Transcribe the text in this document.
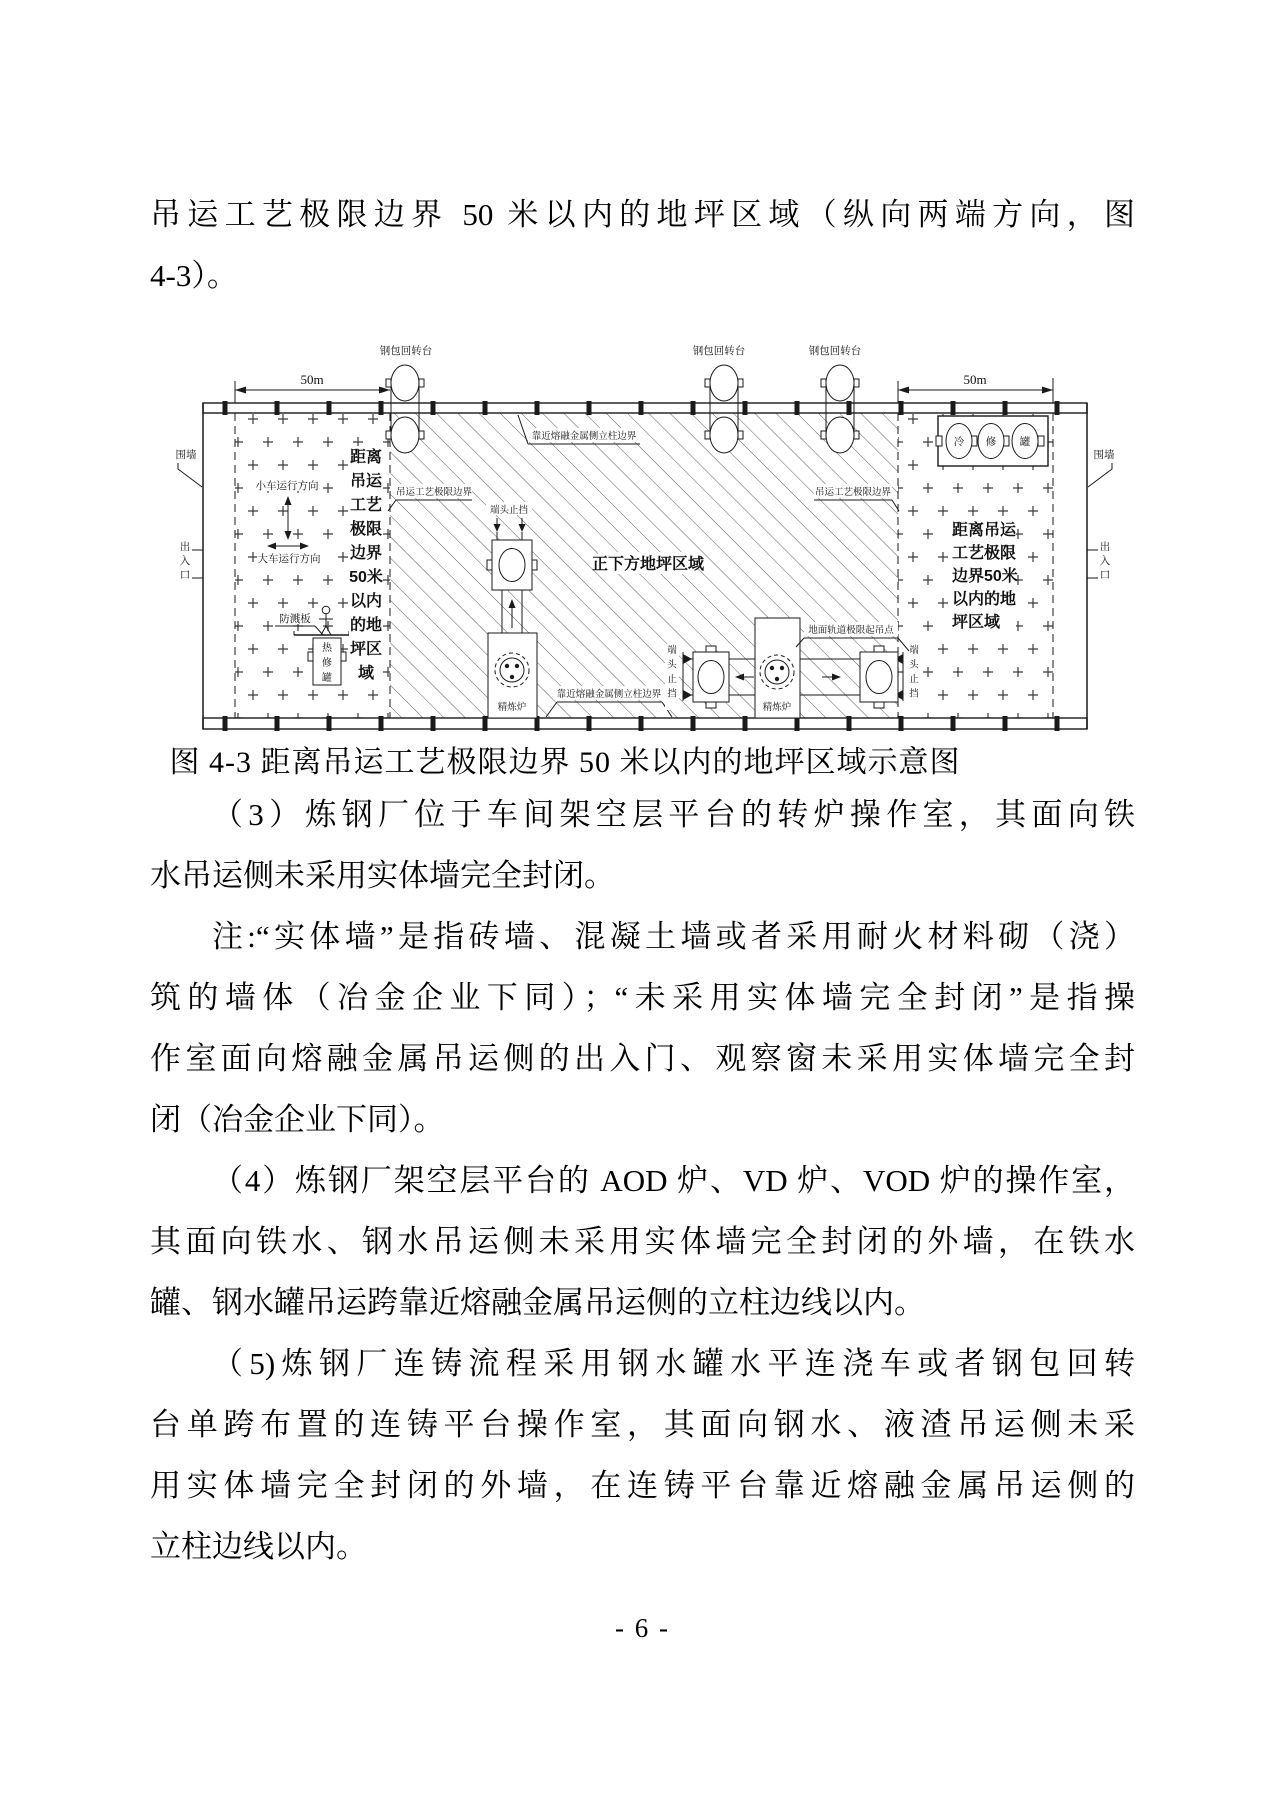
吊运工艺极限边界 50 米以内的地坪区域（纵向两端方向，图
4-3）。
50m	50m
钢包回转台	钢包回转台	钢包回转台
围墙	围墙
出入口
出入口
小车运行方向
大车运行方向
防溅板
热修罐
距离
吊运
工艺
极限
边界
50米
以内
的地
坪区
域
正下方地坪区域
吊运工艺极限边界	吊运工艺极限边界
靠近熔融金属侧立柱边界
靠近熔融金属侧立柱边界
端头止挡
精炼炉
端头止挡
端头止挡
精炼炉
地面轨道极限起吊点
冷 修 罐
距离吊运
工艺极限
边界50米
以内的地
坪区域
图 4-3 距离吊运工艺极限边界 50 米以内的地坪区域示意图
（3）炼钢厂位于车间架空层平台的转炉操作室，其面向铁
水吊运侧未采用实体墙完全封闭。
注:“实体墙”是指砖墙、混凝土墙或者采用耐火材料砌（浇）
筑的墙体（冶金企业下同）；“未采用实体墙完全封闭”是指操
作室面向熔融金属吊运侧的出入门、观察窗未采用实体墙完全封
闭（冶金企业下同）。
（4）炼钢厂架空层平台的 AOD 炉、VD 炉、VOD 炉的操作室，
其面向铁水、钢水吊运侧未采用实体墙完全封闭的外墙，在铁水
罐、钢水罐吊运跨靠近熔融金属吊运侧的立柱边线以内。
（5)炼钢厂连铸流程采用钢水罐水平连浇车或者钢包回转
台单跨布置的连铸平台操作室，其面向钢水、液渣吊运侧未采
用实体墙完全封闭的外墙，在连铸平台靠近熔融金属吊运侧的
立柱边线以内。
- 6 -
